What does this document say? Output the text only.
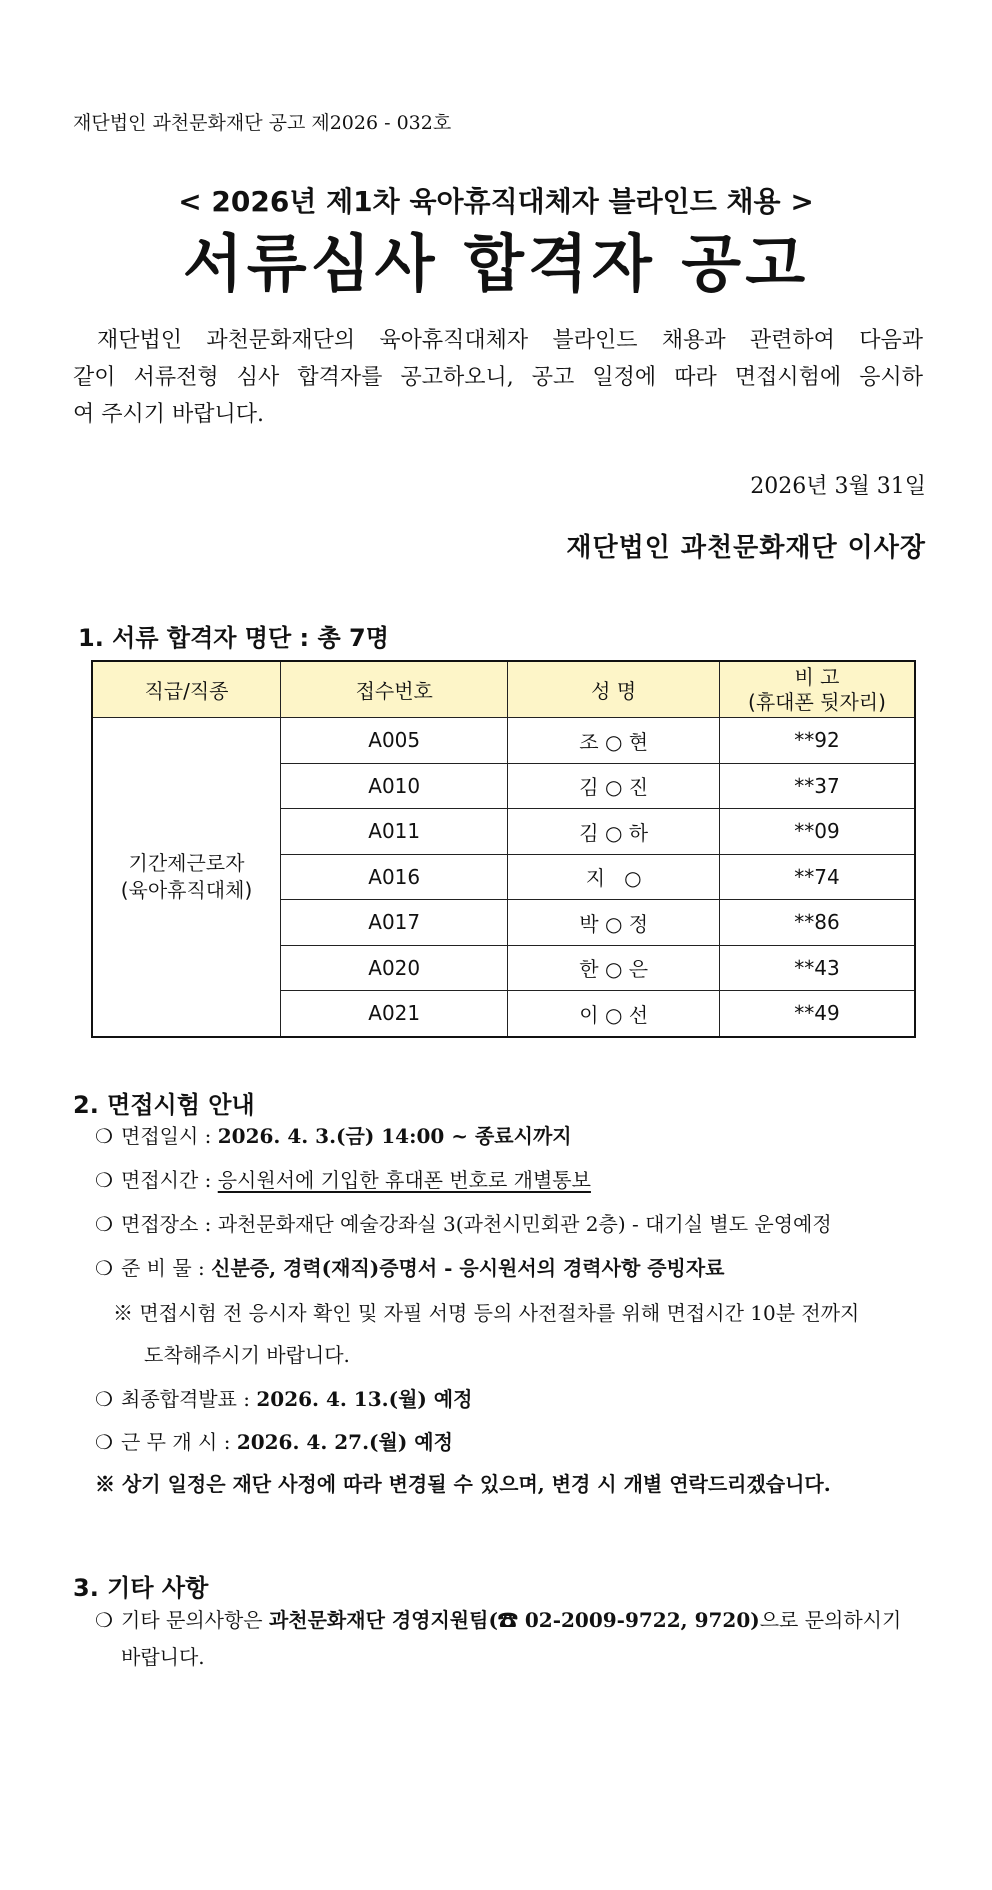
재단법인 과천문화재단 공고 제2026 - 032호
< 2026년 제1차 육아휴직대체자 블라인드 채용 >
서류심사 합격자 공고
재단법인 과천문화재단의 육아휴직대체자 블라인드 채용과 관련하여 다음과
같이 서류전형 심사 합격자를 공고하오니, 공고 일정에 따라 면접시험에 응시하
여 주시기 바랍니다.
2026년 3월 31일
재단법인 과천문화재단 이사장
1. 서류 합격자 명단 : 총 7명
직급/직종	접수번호	성 명	비 고
(휴대폰 뒷자리)

기간제근로자
(육아휴직대체)	A005	조 ○ 현	**92
	A010	김 ○ 진	**37
	A011	김 ○ 하	**09
	A016	지   ○	**74
	A017	박 ○ 정	**86
	A020	한 ○ 은	**43
	A021	이 ○ 선	**49
2. 면접시험 안내
❍ 면접일시 : 2026. 4. 3.(금) 14:00 ~ 종료시까지
❍ 면접시간 : 응시원서에 기입한 휴대폰 번호로 개별통보
❍ 면접장소 : 과천문화재단 예술강좌실 3(과천시민회관 2층) - 대기실 별도 운영예정
❍ 준 비 물 : 신분증, 경력(재직)증명서 - 응시원서의 경력사항 증빙자료
※ 면접시험 전 응시자 확인 및 자필 서명 등의 사전절차를 위해 면접시간 10분 전까지
도착해주시기 바랍니다.
❍ 최종합격발표 : 2026. 4. 13.(월) 예정
❍ 근 무 개 시 : 2026. 4. 27.(월) 예정
※ 상기 일정은 재단 사정에 따라 변경될 수 있으며, 변경 시 개별 연락드리겠습니다.
3. 기타 사항
❍ 기타 문의사항은 과천문화재단 경영지원팀(☎ 02-2009-9722, 9720)으로 문의하시기
바랍니다.
